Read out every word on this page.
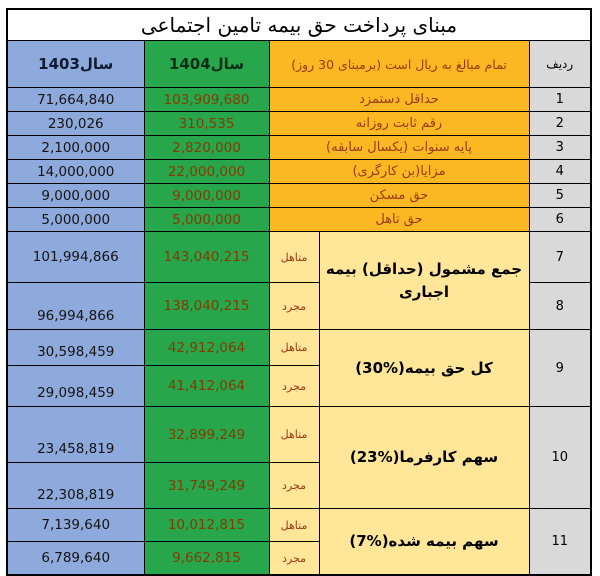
مبنای پرداخت حق بیمه تامین اجتماعی				
ردیف	تمام مبالغ به ریال است (برمبنای 30 روز)		سال1404	سال1403
1	حداقل دستمزد		103,909,680	71,664,840
2	رقم ثابت روزانه		310,535	230,026
3	پایه سنوات (یکسال سابقه)		2,820,000	2,100,000
4	مزایا(بن کارگری)		22,000,000	14,000,000
5	حق مسکن		9,000,000	9,000,000
6	حق تاهل		5,000,000	5,000,000
7	جمع مشمول (حداقل) بیمه اجباری	متاهل	143,040,215	101,994,866
8		مجرد	138,040,215	96,994,866
9	کل حق بیمه(%30)	متاهل	42,912,064	30,598,459
		مجرد	41,412,064	29,098,459
10	سهم کارفرما(%23)	متاهل	32,899,249	23,458,819
		مجرد	31,749,249	22,308,819
11	سهم بیمه شده(%7)	متاهل	10,012,815	7,139,640
		مجرد	9,662,815	6,789,640
